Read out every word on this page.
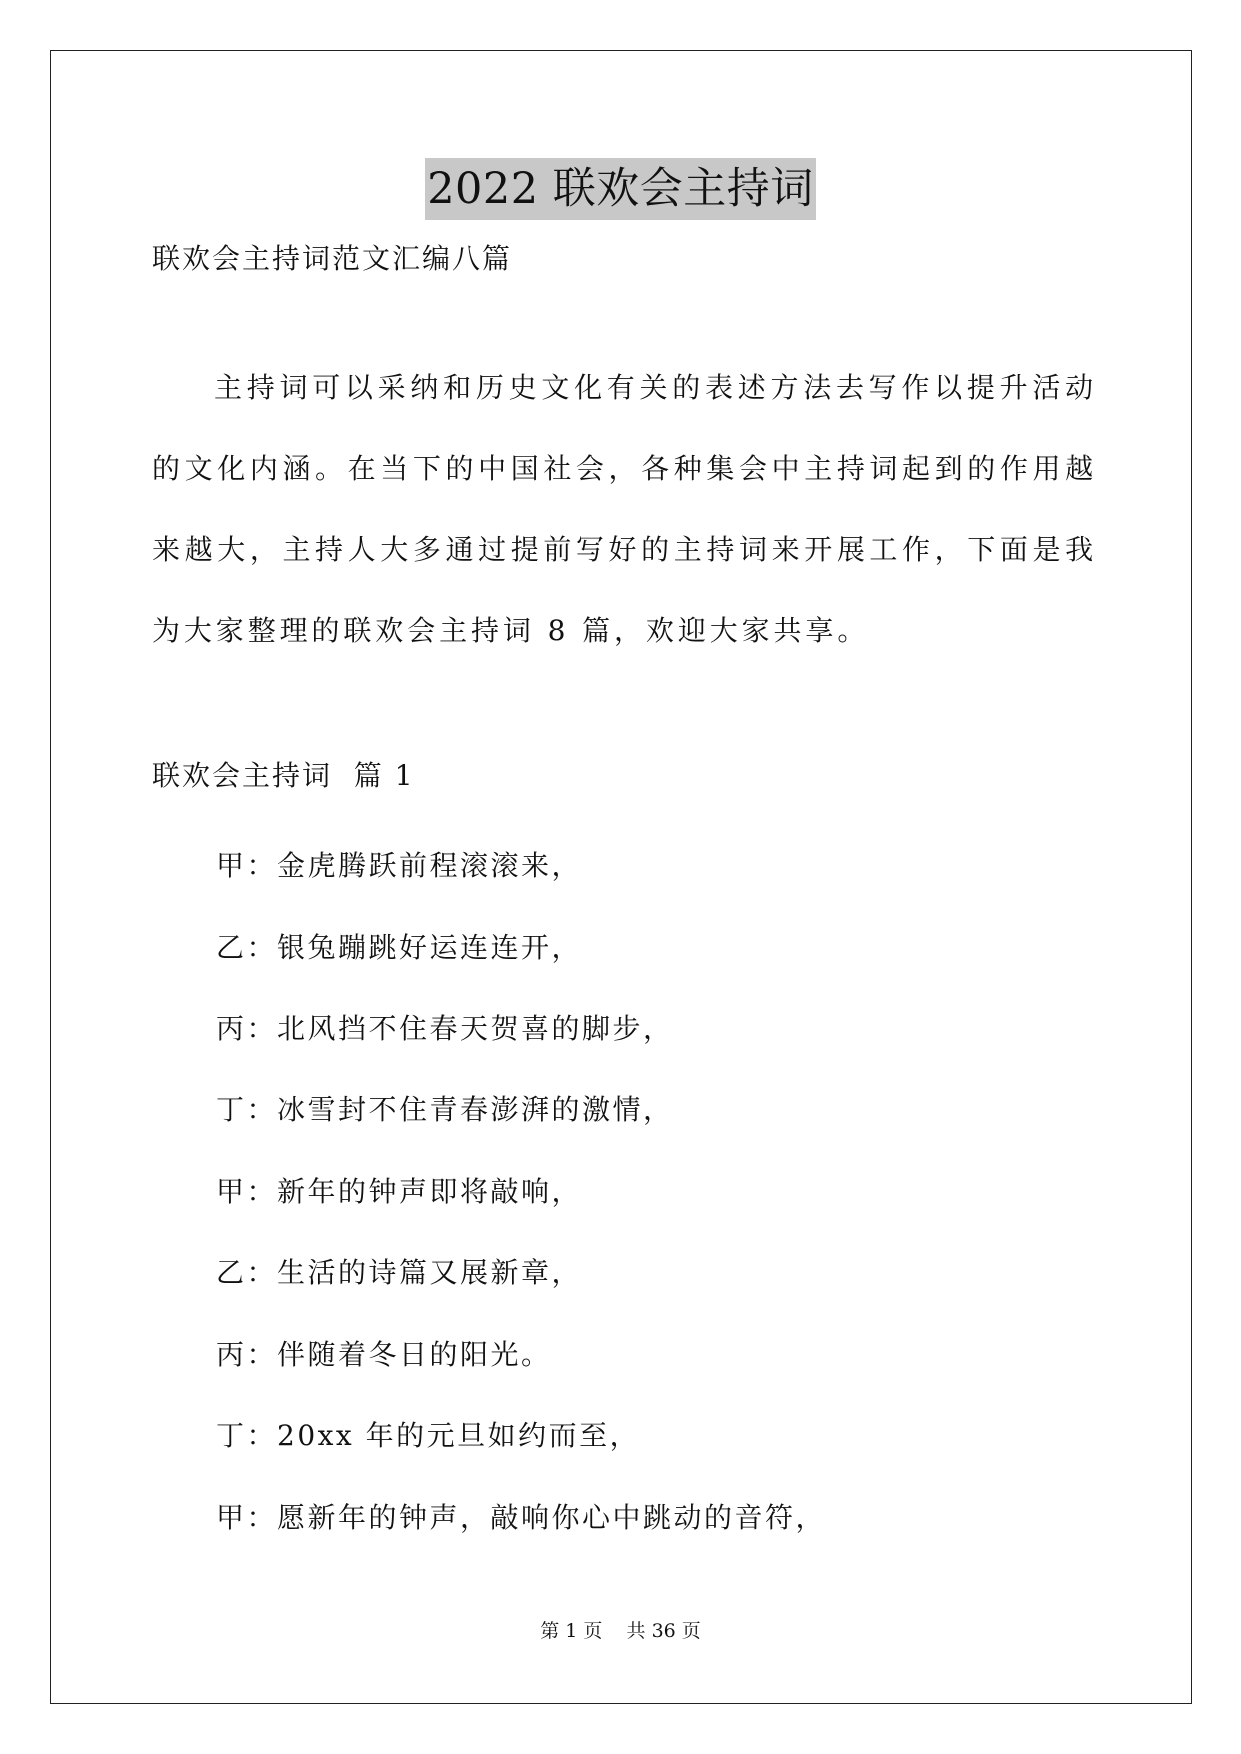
2022 联欢会主持词
联欢会主持词范文汇编八篇

主持词可以采纳和历史文化有关的表述方法去写作以提升活动的文化内涵。在当下的中国社会，各种集会中主持词起到的作用越来越大，主持人大多通过提前写好的主持词来开展工作，下面是我为大家整理的联欢会主持词 8 篇，欢迎大家共享。

联欢会主持词  篇 1
甲：金虎腾跃前程滚滚来，
乙：银兔蹦跳好运连连开，
丙：北风挡不住春天贺喜的脚步，
丁：冰雪封不住青春澎湃的激情，
甲：新年的钟声即将敲响，
乙：生活的诗篇又展新章，
丙：伴随着冬日的阳光。
丁：20xx 年的元旦如约而至，
甲：愿新年的钟声，敲响你心中跳动的音符，
第 1 页    共 36 页
